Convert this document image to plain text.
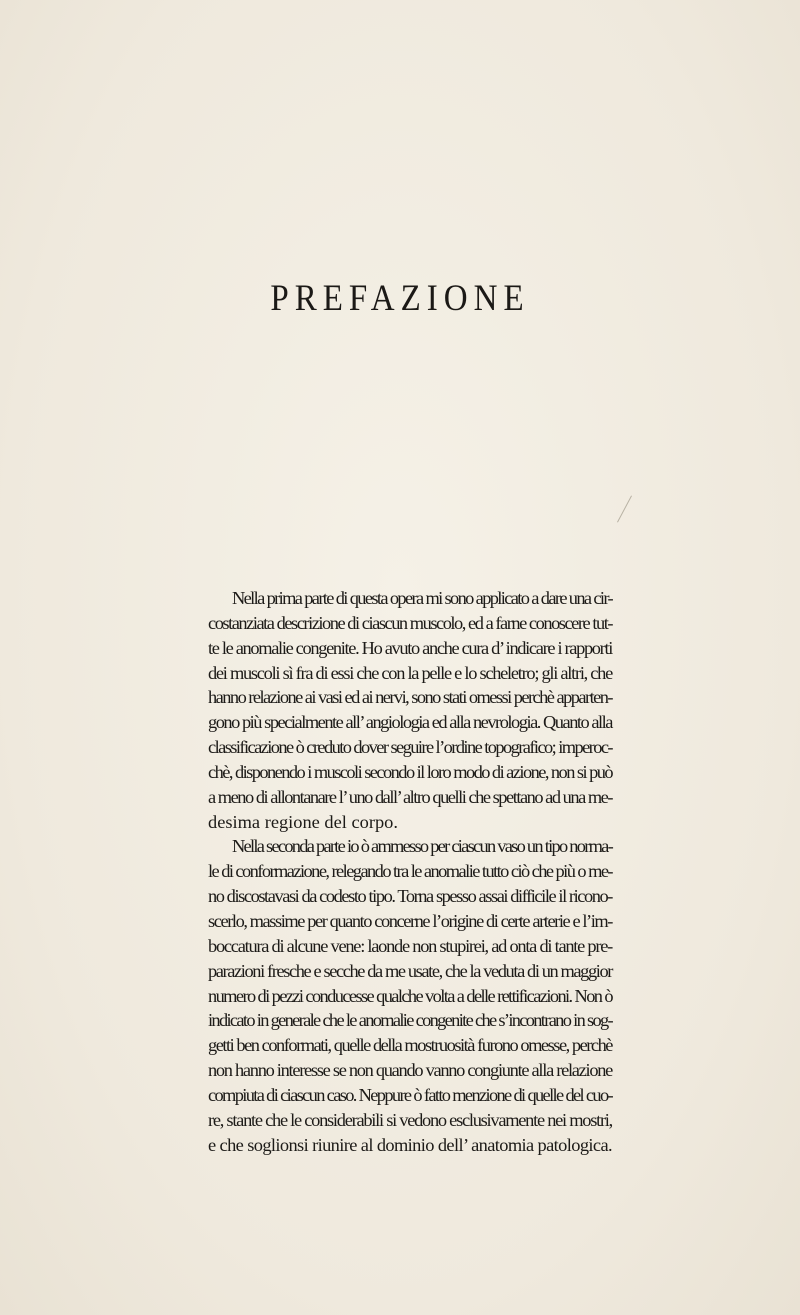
PREFAZIONE
Nella prima parte di questa opera mi sono applicato a dare una cir-
costanziata descrizione di ciascun muscolo, ed a farne conoscere tut-
te le anomalie congenite. Ho avuto anche cura d’ indicare i rapporti
dei muscoli sì fra di essi che con la pelle e lo scheletro; gli altri, che
hanno relazione ai vasi ed ai nervi, sono stati omessi perchè apparten-
gono più specialmente all’ angiologia ed alla nevrologia. Quanto alla
classificazione ò creduto dover seguire l’ordine topografico; imperoc-
chè, disponendo i muscoli secondo il loro modo di azione, non si può
a meno di allontanare l’ uno dall’ altro quelli che spettano ad una me-
desima regione del corpo.
Nella seconda parte io ò ammesso per ciascun vaso un tipo norma-
le di conformazione, relegando tra le anomalie tutto ciò che più o me-
no discostavasi da codesto tipo. Torna spesso assai difficile il ricono-
scerlo, massime per quanto concerne l’origine di certe arterie e l’im-
boccatura di alcune vene: laonde non stupirei, ad onta di tante pre-
parazioni fresche e secche da me usate, che la veduta di un maggior
numero di pezzi conducesse qualche volta a delle rettificazioni. Non ò
indicato in generale che le anomalie congenite che s’incontrano in sog-
getti ben conformati, quelle della mostruosità furono omesse, perchè
non hanno interesse se non quando vanno congiunte alla relazione
compiuta di ciascun caso. Neppure ò fatto menzione di quelle del cuo-
re, stante che le considerabili si vedono esclusivamente nei mostri,
e che soglionsi riunire al dominio dell’ anatomia patologica.
